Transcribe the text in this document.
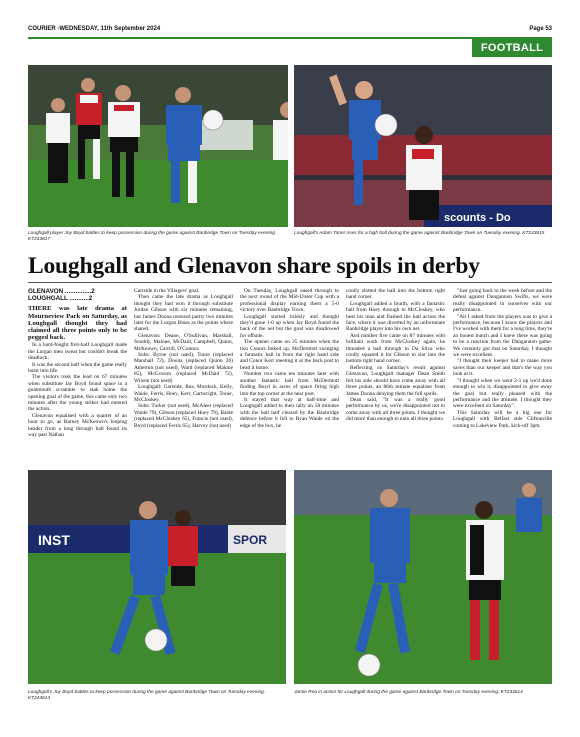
COURIER -WEDNESDAY, 11th September 2024	Page 53
FOOTBALL
Loughgall player Joy Boyd battles to keep possession during the game against Banbridge Town on Tuesday evening. KT243617
scounts - Do
Loughgall's Adam Toner rises for a high ball during the game against Banbridge Town on Tuesday evening. KT243615
Loughgall and Glenavon share spoils in derby

GLENAVON ...............2

LOUGHGALL ...........2

THERE was late drama at Mourneview Park on Saturday, as Loughgall thought they had claimed all three points only to be pegged back.

In a hard-fought first-half Loughgall made the Lurgan men sweat but couldn't break the deadlock.

It was the second half when the game really burst into life.

The visitors took the lead on 67 minutes when substitute Jay Boyd found space in a goalmouth scramble to stab home the opening goal of the game, this came only two minutes after the young striker had entered the action.

Glenavon equalised with a quarter of an hour to go, as Barney McKeown's looping header from a long through ball found its way past Nathan

Gartside in the Villagers' goal.

Then came the late drama as Loughgall thought they had won it through substitute Jordan Gibson with six minutes remaining, but James Doona restored parity two minutes later for the Lurgan Blues as the points where shared.

Glenavon: Deane, O'Sullivan, Marshall, Snoddy, Malone, McDaid, Campbell, Quinn, McKeown, Carroll, O'Connor.

Subs: Byrne (not used), Toure (replaced Marshall 72), Doona (replaced Quinn 20) Atherton (not used), Ward (replaced Malone 85), McGovern (replaced McDaid 72), Wilson (not used)

Loughgall: Gartside, Rea, Murdock, Kelly, Waide, Ferris, Hoey, Kerr, Cartwright, Toner, McCloskey.

Subs: Turker (not used), McAleer (replaced Waide 79), Gibson (replaced Hoey 79), Balde (replaced McCloskey 65), Francis (not used), Boyd (replaced Ferris 65), Harvey (not used)

On Tuesday, Loughgall eased through to the next round of the Mid-Ulster Cup with a professional display earning them a 5-0 victory over Banbridge Town.

Loughgall started briskly and thought they'd gone 1-0 up when Jay Boyd found the back of the net but the goal was disallowed for offside.

The opener came on 25 minutes when the two Conors linked up, McDermott swinging a fantastic ball in from the right hand side and Conor Kerr meeting it at the back post to head it home.

Number two came ten minutes later with another fantastic ball from McDermott finding Boyd in acres of space firing high into the top corner at the near post.

It stayed that way at half-time and Loughgall added to their tally on 58 minutes with the ball half cleared by the Banbridge defence before it fell to Ryan Waide on the edge of the box, he

coolly slotted the ball into the bottom right hand corner.

Loughgall added a fourth, with a fantastic ball from Hoey through to McCloskey, who beat his man and flashed the ball across the face, where it was diverted by an unfortunate Banbridge player into his own net.

And number five came on 87 minutes with brilliant work from McCloskey again, he threaded a ball through to Da Silva who coolly squared it for Gibson to slot into the bottom right hand corner.

Reflecting on Saturday's result against Glenavon, Loughgall manager Dean Smith felt his side should have come away with all three points, an 86th minute equaliser from James Doona denying them the full spoils.

Dean said, "It was a really good performance by us, we're disappointed not to come away with all three points. I thought we did more than enough to earn all three points.

"Just going back to the week before and the defeat against Dungannon Swifts, we were really disappointed in ourselves with our performance.

"All I asked from the players was to give a performance, because I know the players and I've worked with them for a long time, they're an honest bunch and I knew there was going to be a reaction from the Dungannon game. We certainly got that on Saturday, I thought we were excellent.

"I thought their keeper had to make more saves than our keeper and that's the way you look at it.

"I thought when we went 2-1 up we'd done enough to win it, disappointed to give away the goal but really pleased with the performance and the attitude. I thought they were excellent on Saturday".

This Saturday will be a big one for Loughgall with Belfast side Cliftonville coming to Lakeview Park, kick-off 3pm.

INST	SPOR
Loughgall's Joy Boyd battles to keep possession during the game against Banbridge Town on Tuesday evening. KT243613
Jamie Rea in action for Loughgall during the game against Banbridge Town on Tuesday evening. KT243614
